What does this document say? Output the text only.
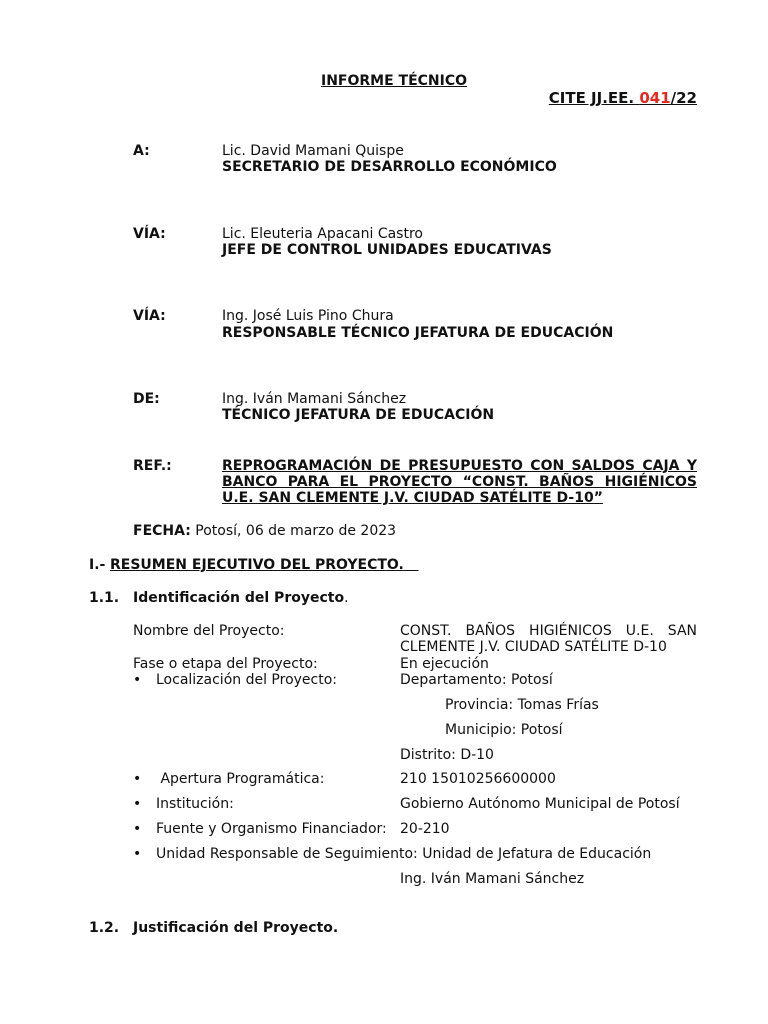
INFORME TÉCNICO
CITE JJ.EE. 041/22
A:	Lic. David Mamani Quispe
SECRETARIO DE DESARROLLO ECONÓMICO
VÍA:	Lic. Eleuteria Apacani Castro
JEFE DE CONTROL UNIDADES EDUCATIVAS
VÍA:	Ing. José Luis Pino Chura
RESPONSABLE TÉCNICO JEFATURA DE EDUCACIÓN
DE:	Ing. Iván Mamani Sánchez
TÉCNICO JEFATURA DE EDUCACIÓN
REF.:	REPROGRAMACIÓN DE PRESUPUESTO CON SALDOS CAJA Y
BANCO PARA EL PROYECTO “CONST. BAÑOS HIGIÉNICOS
U.E. SAN CLEMENTE J.V. CIUDAD SATÉLITE D-10”
FECHA: Potosí, 06 de marzo de 2023
I.- RESUMEN EJECUTIVO DEL PROYECTO.
1.1. Identificación del Proyecto.
Nombre del Proyecto:	CONST. BAÑOS HIGIÉNICOS U.E. SAN
CLEMENTE J.V. CIUDAD SATÉLITE D-10
Fase o etapa del Proyecto:	En ejecución
• Localización del Proyecto:	Departamento: Potosí
Provincia: Tomas Frías
Municipio: Potosí
Distrito: D-10
• Apertura Programática:	210 15010256600000
• Institución:	Gobierno Autónomo Municipal de Potosí
• Fuente y Organismo Financiador: 20-210
• Unidad Responsable de Seguimiento: Unidad de Jefatura de Educación
Ing. Iván Mamani Sánchez
1.2. Justificación del Proyecto.
